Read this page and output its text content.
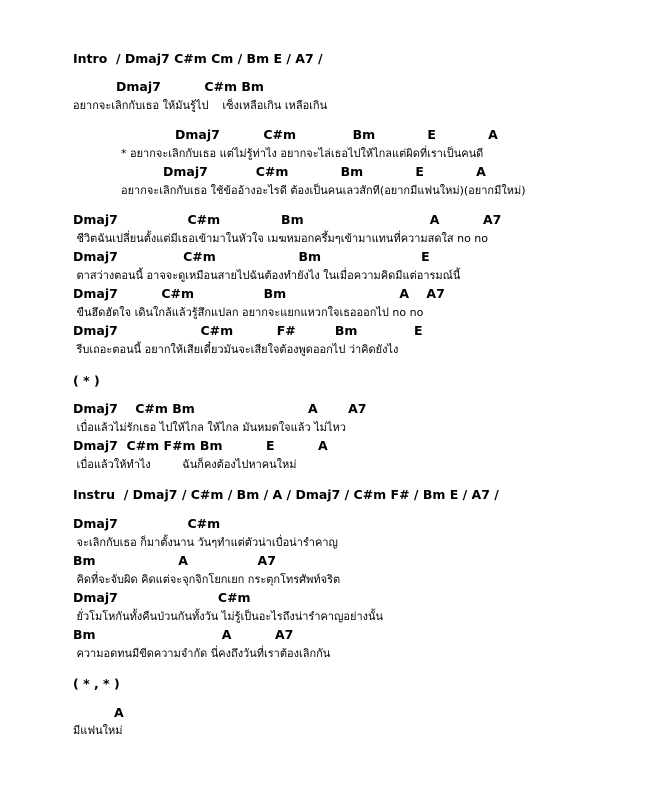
Intro  / Dmaj7 C#m Cm / Bm E / A7 /

Dmaj7          C#m Bm

อยากจะเลิกกับเธอ ให้มันรู้ไป    เซ็งเหลือเกิน เหลือเกิน

Dmaj7          C#m             Bm            E            A

* อยากจะเลิกกับเธอ แต่ไม่รู้ท่าไง อยากจะไล่เธอไปให้ไกลแต่ผิดที่เราเป็นคนดี

Dmaj7           C#m            Bm            E            A

อยากจะเลิกกับเธอ ใช้ข้ออ้างอะไรดี ต้องเป็นคนเลวสักที(อยากมีแฟนใหม่)(อยากมีใหม่)

Dmaj7                C#m              Bm                             A          A7

ชีวิตฉันเปลี่ยนตั้งแต่มีเธอเข้ามาในหัวใจ เมฆหมอกครึ้มๆเข้ามาแทนที่ความสดใส no no

Dmaj7               C#m                   Bm                       E

ตาสว่างตอนนี้ อาจจะดูเหมือนสายไปฉันต้องทำยังไง ในเมื่อความคิดมีแต่อารมณ์นี้

Dmaj7          C#m                Bm                          A    A7

ขืนฮึดฮัดใจ เดินใกล้แล้วรู้สึกแปลก อยากจะแยกแหวกใจเธอออกไป no no

Dmaj7                   C#m          F#         Bm             E

รีบเถอะตอนนี้ อยากให้เสียเดี๋ยวมันจะเสียใจต้องพูดออกไป ว่าคิดยังไง

( * )

Dmaj7    C#m Bm                          A       A7

เบื่อแล้วไม่รักเธอ ไปให้ไกล ให้ไกล มันหมดใจแล้ว ไม่ไหว

Dmaj7  C#m F#m Bm          E          A

เบื่อแล้วให้ทำไง         ฉันก็คงต้องไปหาคนใหม่

Instru  / Dmaj7 / C#m / Bm / A / Dmaj7 / C#m F# / Bm E / A7 /

Dmaj7                C#m

จะเลิกกับเธอ ก็มาตั้งนาน วันๆทำแต่ตัวน่าเบื่อน่ารำคาญ

Bm                   A                A7

คิดที่จะจับผิด คิดแต่จะจุกจิกโยกเยก กระตุกโทรศัพท์จริต

Dmaj7                       C#m

ยั่วโมโหกันทั้งคืนป่วนกันทั้งวัน ไม่รู้เป็นอะไรถึงน่ารำคาญอย่างนั้น

Bm                             A          A7

ความอดทนมีขีดความจำกัด นี่คงถึงวันที่เราต้องเลิกกัน

( * , * )

A

มีแฟนใหม่
